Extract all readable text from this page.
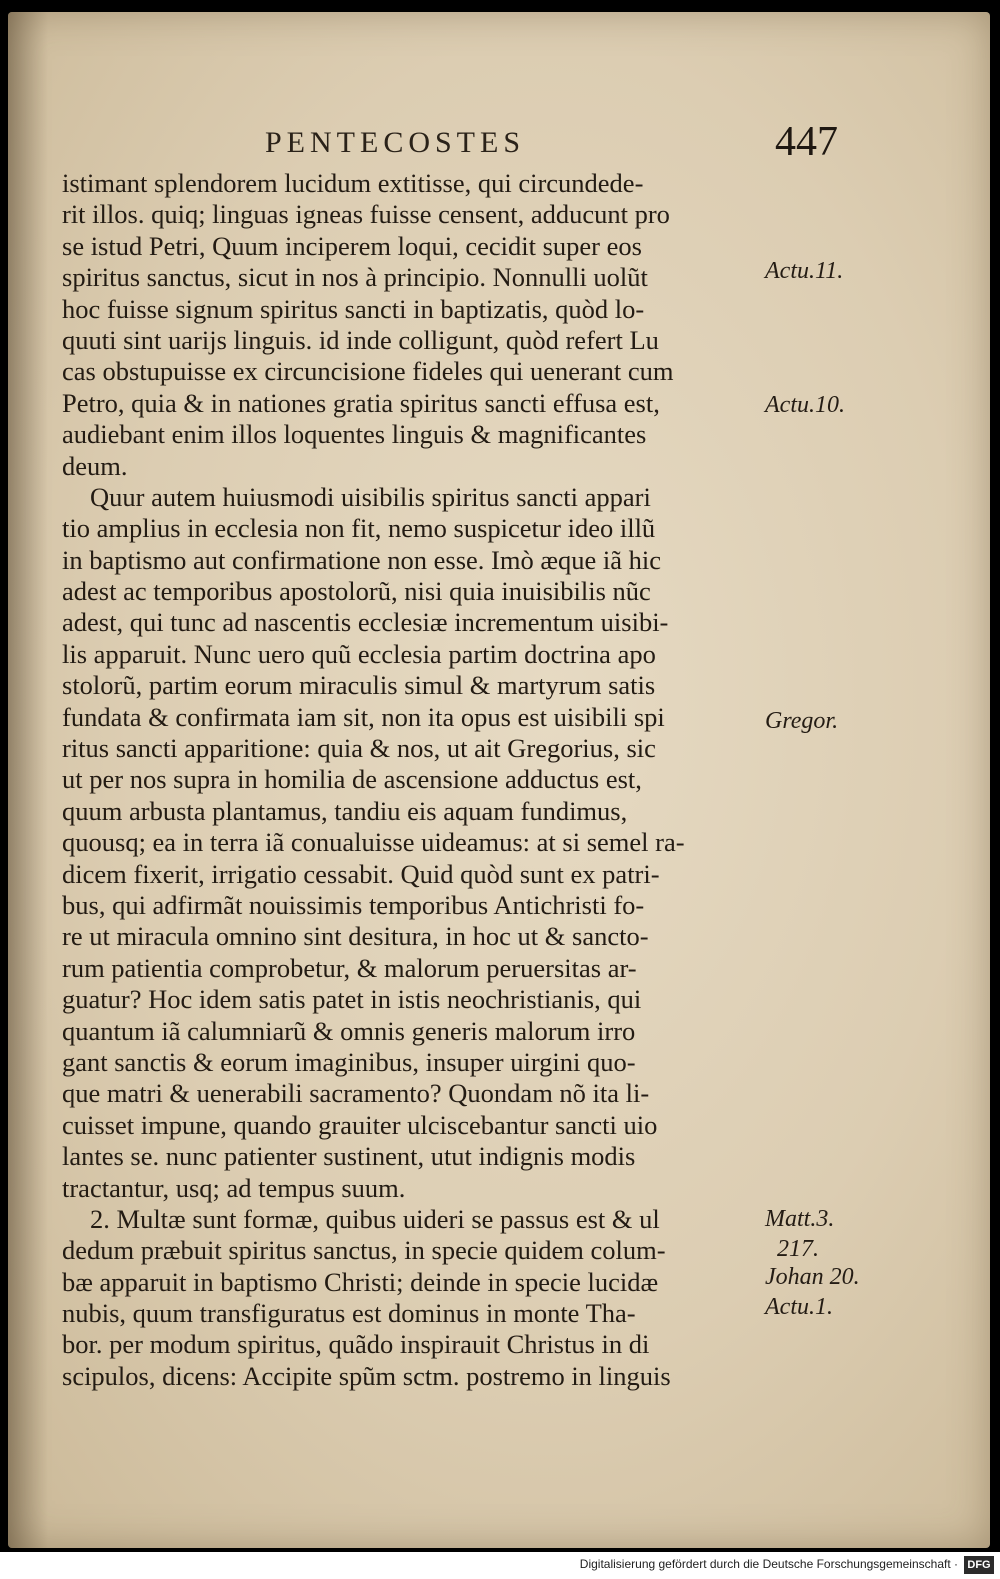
PENTECOSTES	447
istimant splendorem lucidum extitisse, qui circundede-
rit illos. quiq; linguas igneas fuisse censent, adducunt pro
se istud Petri, Quum inciperem loqui, cecidit super eos
spiritus sanctus, sicut in nos à principio. Nonnulli uolũt
hoc fuisse signum spiritus sancti in baptizatis, quòd lo-
quuti sint uarijs linguis. id inde colligunt, quòd refert Lu
cas obstupuisse ex circuncisione fideles qui uenerant cum
Petro, quia & in nationes gratia spiritus sancti effusa est,
audiebant enim illos loquentes linguis & magnificantes
deum.
Quur autem huiusmodi uisibilis spiritus sancti appari
tio amplius in ecclesia non fit, nemo suspicetur ideo illũ
in baptismo aut confirmatione non esse. Imò æque iã hic
adest ac temporibus apostolorũ, nisi quia inuisibilis nũc
adest, qui tunc ad nascentis ecclesiæ incrementum uisibi-
lis apparuit. Nunc uero quũ ecclesia partim doctrina apo
stolorũ, partim eorum miraculis simul & martyrum satis
fundata & confirmata iam sit, non ita opus est uisibili spi
ritus sancti apparitione: quia & nos, ut ait Gregorius, sic
ut per nos supra in homilia de ascensione adductus est,
quum arbusta plantamus, tandiu eis aquam fundimus,
quousq; ea in terra iã conualuisse uideamus: at si semel ra-
dicem fixerit, irrigatio cessabit. Quid quòd sunt ex patri-
bus, qui adfirmãt nouissimis temporibus Antichristi fo-
re ut miracula omnino sint desitura, in hoc ut & sancto-
rum patientia comprobetur, & malorum peruersitas ar-
guatur? Hoc idem satis patet in istis neochristianis, qui
quantum iã calumniarũ & omnis generis malorum irro
gant sanctis & eorum imaginibus, insuper uirgini quo-
que matri & uenerabili sacramento? Quondam nõ ita li-
cuisset impune, quando grauiter ulciscebantur sancti uio
lantes se. nunc patienter sustinent, utut indignis modis
tractantur, usq; ad tempus suum.
2. Multæ sunt formæ, quibus uideri se passus est & ul
dedum præbuit spiritus sanctus, in specie quidem colum-
bæ apparuit in baptismo Christi; deinde in specie lucidæ
nubis, quum transfiguratus est dominus in monte Tha-
bor. per modum spiritus, quãdo inspirauit Christus in di
scipulos, dicens: Accipite spũm sctm. postremo in linguis
Actu.11.
Actu.10.
Gregor.
Matt.3.
217.
Johan 20.
Actu.1.
Digitalisierung gefördert durch die Deutsche Forschungsgemeinschaft · DFG
